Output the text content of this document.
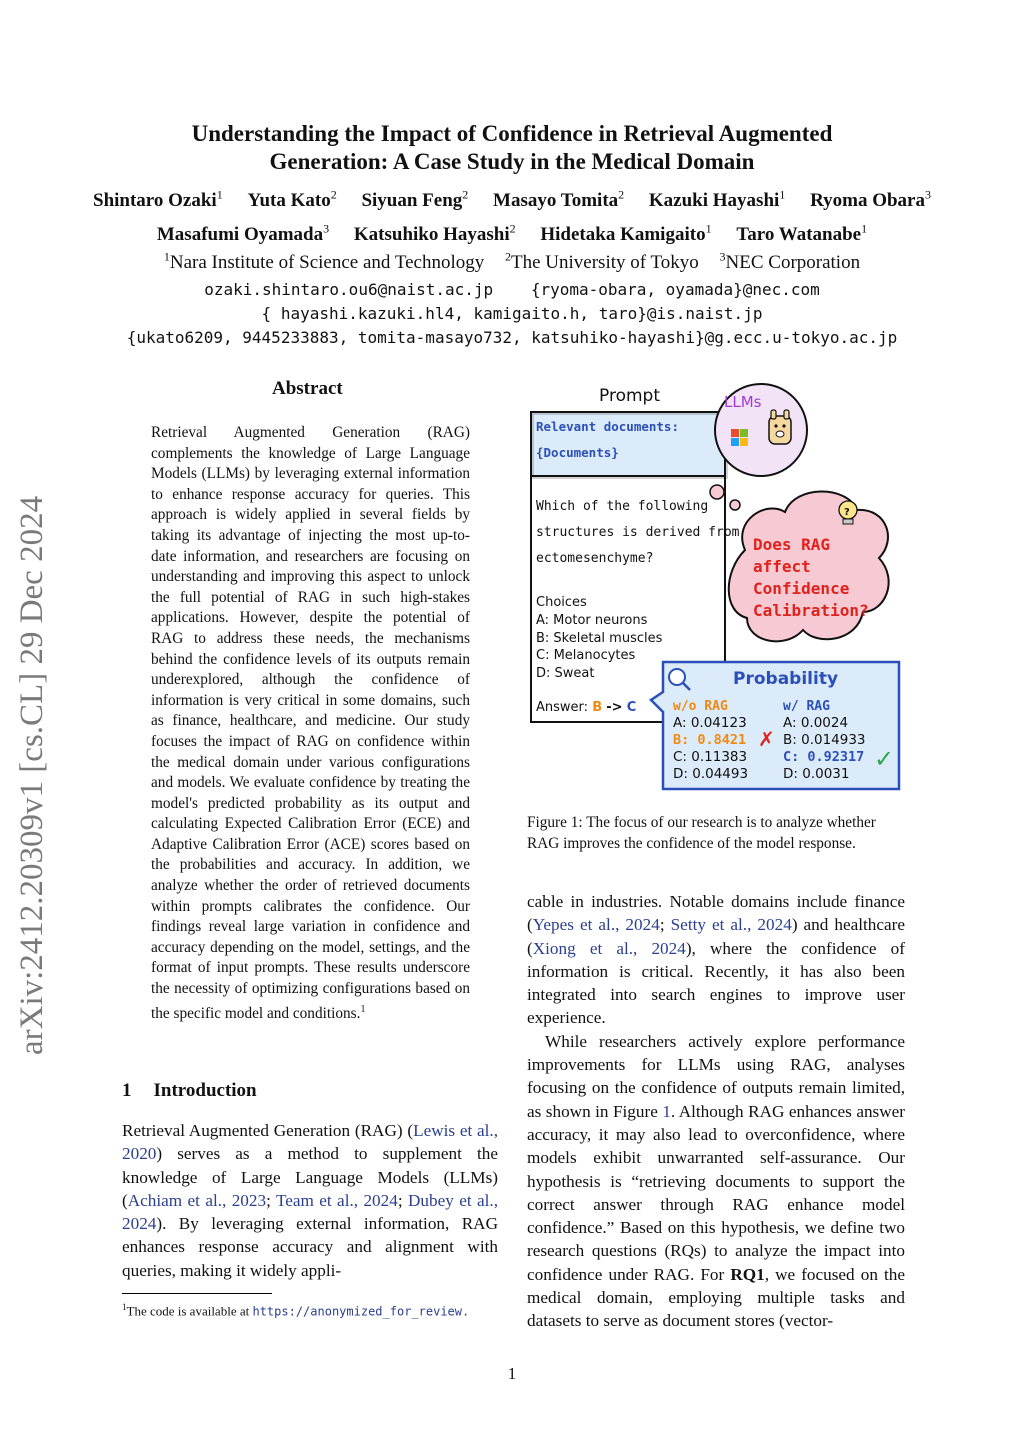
Understanding the Impact of Confidence in Retrieval Augmented
Generation: A Case Study in the Medical Domain
Shintaro Ozaki$^1$ Yuta Kato$^2$ Siyuan Feng$^2$ Masayo Tomita$^2$ Kazuki Hayashi$^1$ Ryoma Obara$^3$
Masafumi Oyamada$^3$ Katsuhiko Hayashi$^2$ Hidetaka Kamigaito$^1$ Taro Watanabe$^1$
$^1$Nara Institute of Science and Technology $^2$The University of Tokyo $^3$NEC Corporation
ozaki.shintaro.ou6@naist.ac.jp {ryoma-obara, oyamada}@nec.com
{ hayashi.kazuki.hl4, kamigaito.h, taro}@is.naist.jp
{ukato6209, 9445233883, tomita-masayo732, katsuhiko-hayashi}@g.ecc.u-tokyo.ac.jp
arXiv:2412.20309v1 [cs.CL] 29 Dec 2024
Abstract
Retrieval Augmented Generation (RAG) complements the knowledge of Large Language Models (LLMs) by leveraging external information to enhance response accuracy for queries. This approach is widely applied in several fields by taking its advantage of injecting the most up-to-date information, and researchers are focusing on understanding and improving this aspect to unlock the full potential of RAG in such high-stakes applications. However, despite the potential of RAG to address these needs, the mechanisms behind the confidence levels of its outputs remain underexplored, although the confidence of information is very critical in some domains, such as finance, healthcare, and medicine. Our study focuses the impact of RAG on confidence within the medical domain under various configurations and models. We evaluate confidence by treating the model's predicted probability as its output and calculating Expected Calibration Error (ECE) and Adaptive Calibration Error (ACE) scores based on the probabilities and accuracy. In addition, we analyze whether the order of retrieved documents within prompts calibrates the confidence. Our findings reveal large variation in confidence and accuracy depending on the model, settings, and the format of input prompts. These results underscore the necessity of optimizing configurations based on the specific model and conditions.$^1$
1 Introduction
Retrieval Augmented Generation (RAG) (Lewis et al., 2020) serves as a method to supplement the knowledge of Large Language Models (LLMs) (Achiam et al., 2023; Team et al., 2024; Dubey et al., 2024). By leveraging external information, RAG enhances response accuracy and alignment with queries, making it widely appli-
$^1$The code is available at https://anonymized_for_review.
Prompt
Relevant documents:
{Documents}
Which of the following
structures is derived from
ectomesenchyme?
Choices
A: Motor neurons
B: Skeletal muscles
C: Melanocytes
D: Sweat
Answer: B -> C
LLMs
?
Does RAG
affect
Confidence
Calibration?
Probability
w/o RAG	w/ RAG
A: 0.04123
B: 0.8421
C: 0.11383
D: 0.04493
✗
A: 0.0024
B: 0.014933
C: 0.92317
D: 0.0031
✓
Figure 1: The focus of our research is to analyze whether RAG improves the confidence of the model response.

cable in industries. Notable domains include finance (Yepes et al., 2024; Setty et al., 2024) and healthcare (Xiong et al., 2024), where the confidence of information is critical. Recently, it has also been integrated into search engines to improve user experience.

While researchers actively explore performance improvements for LLMs using RAG, analyses focusing on the confidence of outputs remain limited, as shown in Figure 1. Although RAG enhances answer accuracy, it may also lead to overconfidence, where models exhibit unwarranted self-assurance. Our hypothesis is “retrieving documents to support the correct answer through RAG enhance model confidence.” Based on this hypothesis, we define two research questions (RQs) to analyze the impact into confidence under RAG. For RQ1, we focused on the medical domain, employing multiple tasks and datasets to serve as document stores (vector-

1
